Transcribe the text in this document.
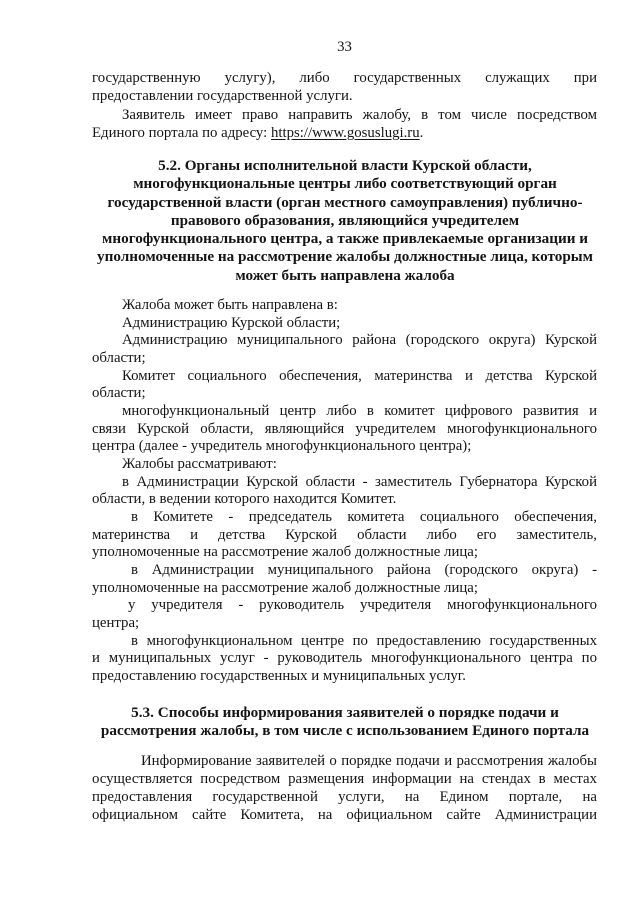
33
государственную услугу), либо государственных служащих при
предоставлении государственной услуги.
Заявитель имеет право направить жалобу, в том числе посредством
Единого портала по адресу: https://www.gosuslugi.ru.
5.2. Органы исполнительной власти Курской области,
многофункциональные центры либо соответствующий орган
государственной власти (орган местного самоуправления) публично-
правового образования, являющийся учредителем
многофункционального центра, а также привлекаемые организации и
уполномоченные на рассмотрение жалобы должностные лица, которым
может быть направлена жалоба
Жалоба может быть направлена в:
Администрацию Курской области;
Администрацию муниципального района (городского округа) Курской
области;
Комитет социального обеспечения, материнства и детства Курской
области;
многофункциональный центр либо в комитет цифрового развития и
связи Курской области, являющийся учредителем многофункционального
центра (далее - учредитель многофункционального центра);
Жалобы рассматривают:
в Администрации Курской области - заместитель Губернатора Курской
области, в ведении которого находится Комитет.
в Комитете - председатель комитета социального обеспечения,
материнства и детства Курской области либо его заместитель,
уполномоченные на рассмотрение жалоб должностные лица;
в Администрации муниципального района (городского округа) -
уполномоченные на рассмотрение жалоб должностные лица;
у учредителя - руководитель учредителя многофункционального
центра;
в многофункциональном центре по предоставлению государственных
и муниципальных услуг - руководитель многофункционального центра по
предоставлению государственных и муниципальных услуг.
5.3. Способы информирования заявителей о порядке подачи и
рассмотрения жалобы, в том числе с использованием Единого портала
Информирование заявителей о порядке подачи и рассмотрения жалобы
осуществляется посредством размещения информации на стендах в местах
предоставления государственной услуги, на Едином портале, на
официальном сайте Комитета, на официальном сайте Администрации
